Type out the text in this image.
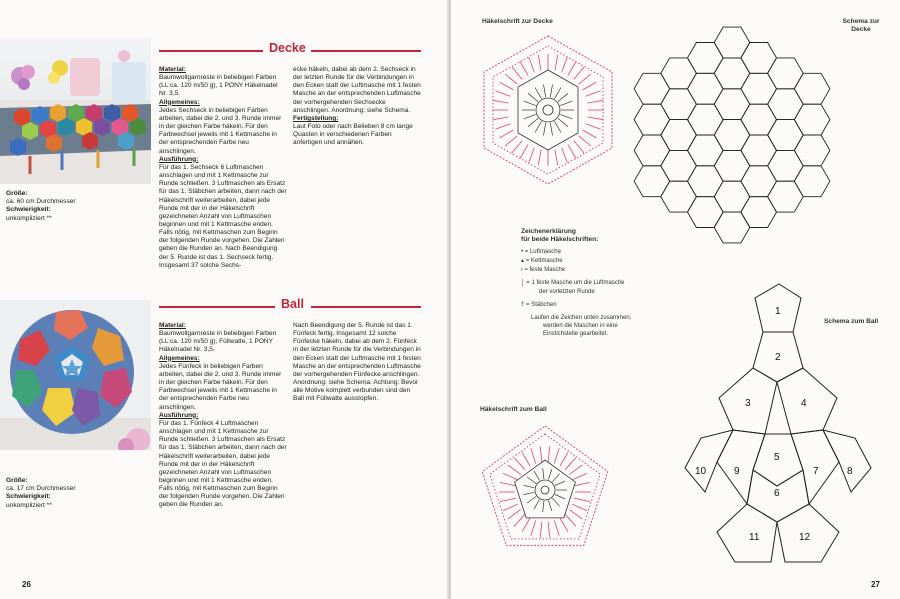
Größe:
ca. 60 cm Durchmesser
Schwierigkeit:
unkompliziert **
Decke
Material:
Baumwollgarnreste in beliebigen Farben (LL ca. 120 m/50 g), 1 PONY Häkelnadel Nr. 3,5.
Allgemeines:
Jedes Sechseck in beliebigen Farben arbeiten, dabei die 2. und 3. Runde immer in der gleichen Farbe häkeln. Für den Farbwechsel jeweils mit 1 Kettmasche in der entsprechenden Farbe neu anschlingen.
Ausführung:
Für das 1. Sechseck 6 Luftmaschen anschlagen und mit 1 Kettmasche zur Runde schließen. 3 Luftmaschen als Ersatz für das 1. Stäbchen arbeiten, dann nach der Häkelschrift weiterarbeiten, dabei jede Runde mit der in der Häkelschrift gezeichneten Anzahl von Luftmaschen beginnen und mit 1 Kettmasche enden. Falls nötig, mit Kettmaschen zum Beginn der folgenden Runde vorgehen. Die Zahlen geben die Runden an. Nach Beendigung der 5. Runde ist das 1. Sechseck fertig. Insgesamt 37 solche Sechs-
ecke häkeln, dabei ab dem 2. Sechseck in der letzten Runde für die Verbindungen in den Ecken statt der Luftmasche mit 1 festen Masche an der entsprechenden Luftmasche der vorhergehenden Sechsecke anschlingen. Anordnung: siehe Schema.
Fertigstellung:
Laut Foto oder nach Belieben 8 cm lange Quasten in verschiedenen Farben anfertigen und annähen.
Größe:
ca. 17 cm Durchmesser
Schwierigkeit:
unkompliziert **
Ball
Material:
Baumwollgarnreste in beliebigen Farben (LL ca. 120 m/50 g), Füllwatte, 1 PONY Häkelnadel Nr. 3,5.
Allgemeines:
Jedes Fünfeck in beliebigen Farben arbeiten, dabei die 2. und 3. Runde immer in der gleichen Farbe häkeln. Für den Farbwechsel jeweils mit 1 Kettmasche in der entsprechenden Farbe neu anschlingen.
Ausführung:
Für das 1. Fünfeck 4 Luftmaschen anschlagen und mit 1 Kettmasche zur Runde schließen. 3 Luftmaschen als Ersatz für das 1. Stäbchen arbeiten, dann nach der Häkelschrift weiterarbeiten, dabei jede Runde mit der in der Häkelschrift gezeichneten Anzahl von Luftmaschen beginnen und mit 1 Kettmasche enden. Falls nötig, mit Kettmaschen zum Beginn der folgenden Runde vorgehen. Die Zahlen geben die Runden an.
Nach Beendigung der 5. Runde ist das 1. Fünfeck fertig. Insgesamt 12 solche Fünfecke häkeln, dabei ab dem 2. Fünfeck in der letzten Runde für die Verbindungen in den Ecken statt der Luftmasche mit 1 festen Masche an der entsprechenden Luftmasche der vorhergehenden Fünfecke anschlingen. Anordnung: siehe Schema. Achtung: Bevor alle Motive komplett verbunden sind den Ball mit Füllwatte ausstopfen.
26
Häkelschrift zur Decke	Schema zur
Decke
Zeichenerklärung
für beide Häkelschriften:
• = Luftmasche
▴ = Kettmasche
ı = feste Masche
⌡ = 1 feste Masche um die Luftmasche
der vorletzten Runde
† = Stäbchen
Laufen die Zeichen unten zusammen,
werden die Maschen in eine
Einstichstelle gearbeitet.
Häkelschrift zum Ball
Schema zum Ball
1
2
3	4
5
6
7	8
9
10
11	12
27
